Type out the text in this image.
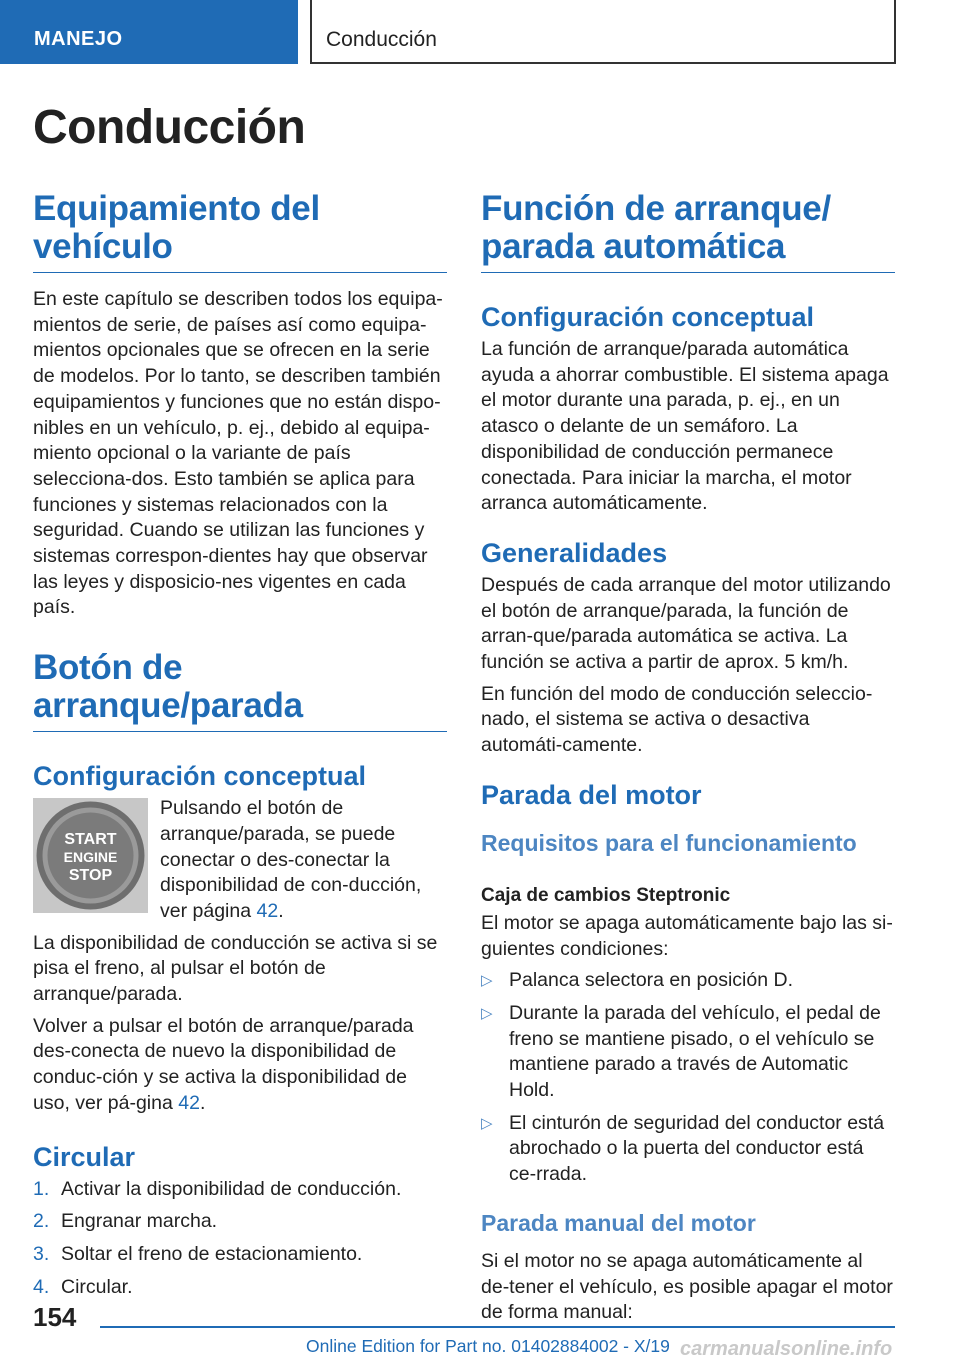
MANEJO	Conducción
Conducción
Equipamiento del vehículo

En este capítulo se describen todos los equipa-mientos de serie, de países así como equipa-mientos opcionales que se ofrecen en la serie de modelos. Por lo tanto, se describen también equipamientos y funciones que no están dispo-nibles en un vehículo, p. ej., debido al equipa-miento opcional o la variante de país selecciona-dos. Esto también se aplica para funciones y sistemas relacionados con la seguridad. Cuando se utilizan las funciones y sistemas correspon-dientes hay que observar las leyes y disposicio-nes vigentes en cada país.

Botón de arranque/parada
Configuración conceptual
START
ENGINE
STOP

Pulsando el botón de arranque/parada, se puede conectar o des-conectar la disponibilidad de con-ducción, ver página 42.

La disponibilidad de conducción se activa si se pisa el freno, al pulsar el botón de arranque/parada.

Volver a pulsar el botón de arranque/parada des-conecta de nuevo la disponibilidad de conduc-ción y se activa la disponibilidad de uso, ver pá-gina 42.

Circular
1. Activar la disponibilidad de conducción.
2. Engranar marcha.
3. Soltar el freno de estacionamiento.
4. Circular.
Función de arranque/ parada automática
Configuración conceptual

La función de arranque/parada automática ayuda a ahorrar combustible. El sistema apaga el motor durante una parada, p. ej., en un atasco o delante de un semáforo. La disponibilidad de conducción permanece conectada. Para iniciar la marcha, el motor arranca automáticamente.

Generalidades

Después de cada arranque del motor utilizando el botón de arranque/parada, la función de arran-que/parada automática se activa. La función se activa a partir de aprox. 5 km/h.

En función del modo de conducción seleccio-nado, el sistema se activa o desactiva automáti-camente.

Parada del motor
Requisitos para el funcionamiento
Caja de cambios Steptronic

El motor se apaga automáticamente bajo las si-guientes condiciones:

▷ Palanca selectora en posición D.
▷ Durante la parada del vehículo, el pedal de freno se mantiene pisado, o el vehículo se mantiene parado a través de Automatic Hold.
▷ El cinturón de seguridad del conductor está abrochado o la puerta del conductor está ce-rrada.
Parada manual del motor

Si el motor no se apaga automáticamente al de-tener el vehículo, es posible apagar el motor de forma manual:

154
Online Edition for Part no. 01402884002 - X/19 carmanualsonline.info
